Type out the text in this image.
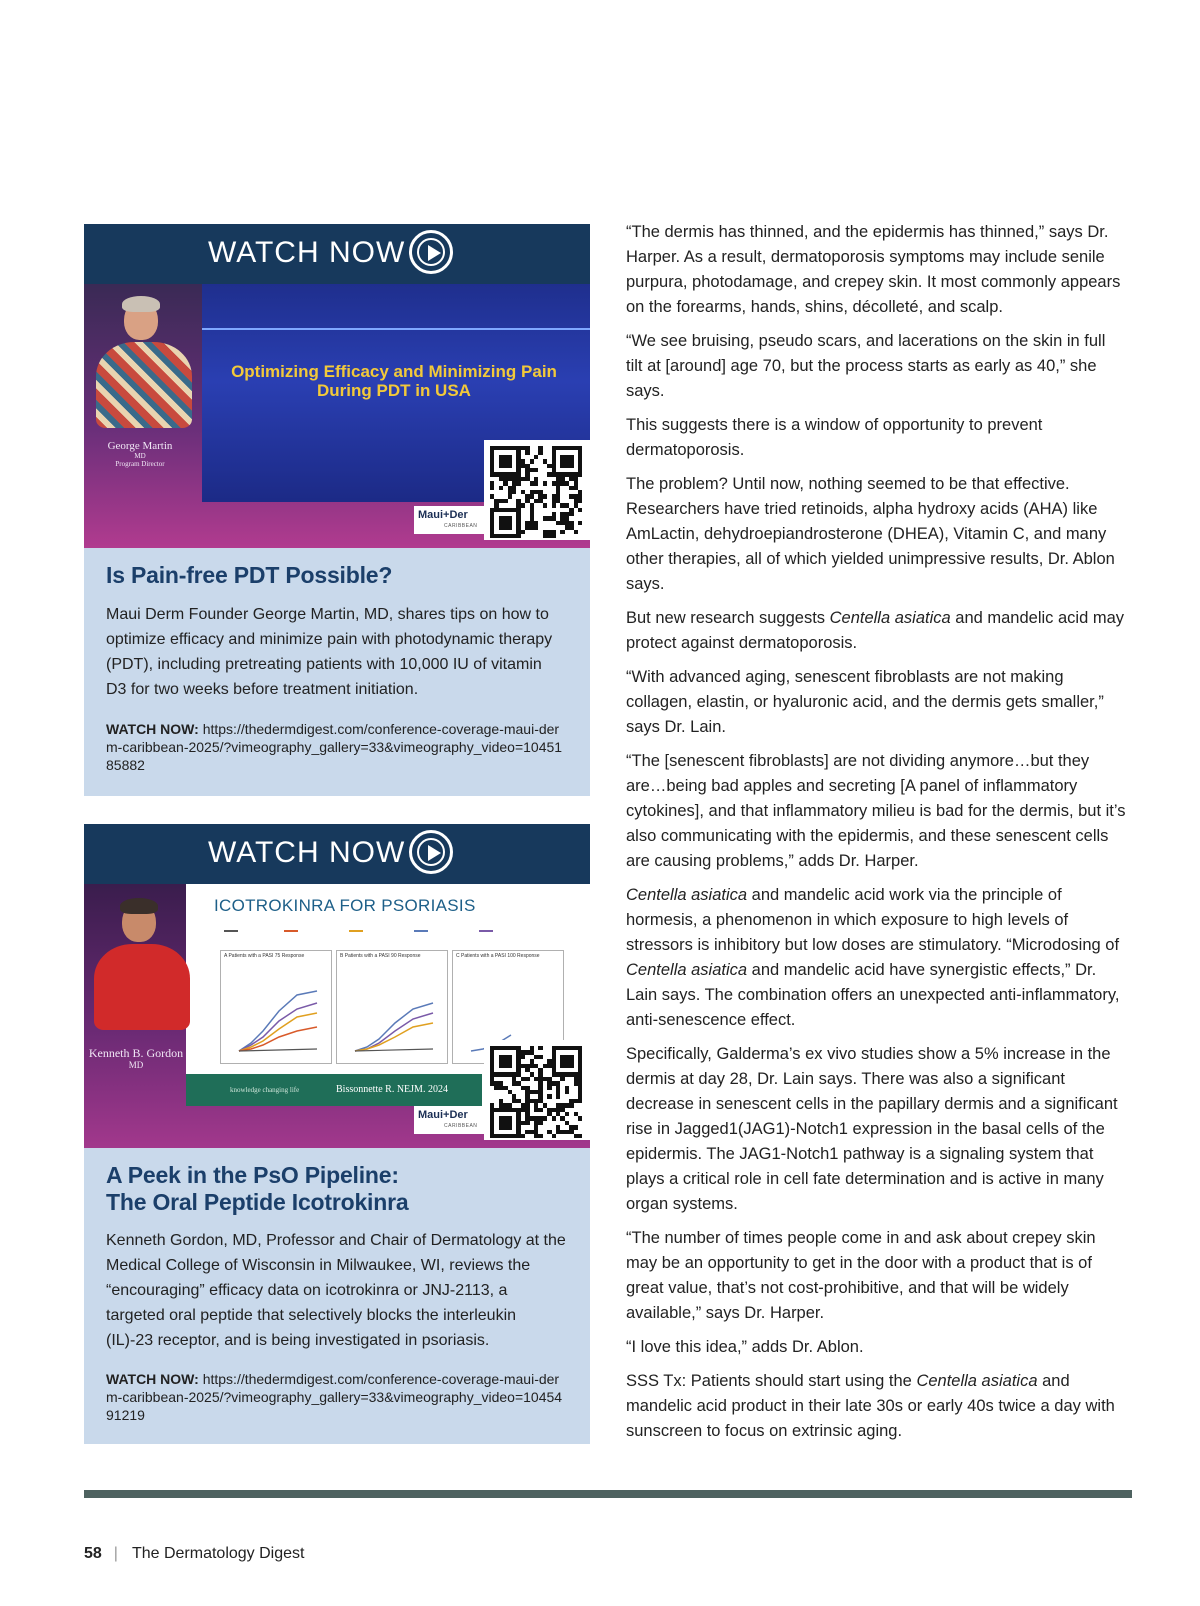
Optimizing Efficacy and Minimizing Pain During PDT in USA
George Martin
MD
Program Director
Maui+Der
CARIBBEAN
WATCH NOW
Is Pain-free PDT Possible?
Maui Derm Founder George Martin, MD, shares tips on how to optimize efficacy and minimize pain with photodynamic therapy (PDT), including pretreating patients with 10,000 IU of vitamin D3 for two weeks before treatment initiation.
WATCH NOW: https://thedermdigest.com/conference-coverage-maui-derm-caribbean-2025/?vimeography_gallery=33&vimeography_video=1045185882
ICOTROKINRA FOR PSORIASIS
A Patients with a PASI 75 Response	B Patients with a PASI 90 Response	C Patients with a PASI 100 Response
knowledge changing life	Bissonnette R. NEJM. 2024
Kenneth B. Gordon
MD
Maui+Der
CARIBBEAN
WATCH NOW
A Peek in the PsO Pipeline:
The Oral Peptide Icotrokinra
Kenneth Gordon, MD, Professor and Chair of Dermatology at the Medical College of Wisconsin in Milwaukee, WI, reviews the “encouraging” efficacy data on icotrokinra or JNJ-2113, a targeted oral peptide that selectively blocks the interleukin (IL)-23 receptor, and is being investigated in psoriasis.
WATCH NOW: https://thedermdigest.com/conference-coverage-maui-derm-caribbean-2025/?vimeography_gallery=33&vimeography_video=1045491219

“The dermis has thinned, and the epidermis has thinned,” says Dr. Harper. As a result, dermatoporosis symptoms may include senile purpura, photodamage, and crepey skin. It most commonly appears on the forearms, hands, shins, décolleté, and scalp.

“We see bruising, pseudo scars, and lacerations on the skin in full tilt at [around] age 70, but the process starts as early as 40,” she says.

This suggests there is a window of opportunity to prevent dermatoporosis.

The problem? Until now, nothing seemed to be that effective. Researchers have tried retinoids, alpha hydroxy acids (AHA) like AmLactin, dehydroepiandrosterone (DHEA), Vitamin C, and many other therapies, all of which yielded unimpressive results, Dr. Ablon says.

But new research suggests Centella asiatica and mandelic acid may protect against dermatoporosis.

“With advanced aging, senescent fibroblasts are not making collagen, elastin, or hyaluronic acid, and the dermis gets smaller,” says Dr. Lain.

“The [senescent fibroblasts] are not dividing anymore…but they are…being bad apples and secreting [A panel of inflammatory cytokines], and that inflammatory milieu is bad for the dermis, but it’s also communicating with the epidermis, and these senescent cells are causing problems,” adds Dr. Harper.

Centella asiatica and mandelic acid work via the principle of hormesis, a phenomenon in which exposure to high levels of stressors is inhibitory but low doses are stimulatory. “Microdosing of Centella asiatica and mandelic acid have synergistic effects,” Dr. Lain says. The combination offers an unexpected anti-inflammatory, anti-senescence effect.

Specifically, Galderma’s ex vivo studies show a 5% increase in the dermis at day 28, Dr. Lain says. There was also a significant decrease in senescent cells in the papillary dermis and a significant rise in Jagged1(JAG1)-Notch1 expression in the basal cells of the epidermis. The JAG1-Notch1 pathway is a signaling system that plays a critical role in cell fate determination and is active in many organ systems.

“The number of times people come in and ask about crepey skin may be an opportunity to get in the door with a product that is of great value, that’s not cost-prohibitive, and that will be widely available,” says Dr. Harper.

“I love this idea,” adds Dr. Ablon.

SSS Tx: Patients should start using the Centella asiatica and mandelic acid product in their late 30s or early 40s twice a day with sunscreen to focus on extrinsic aging.

58 | The Dermatology Digest
